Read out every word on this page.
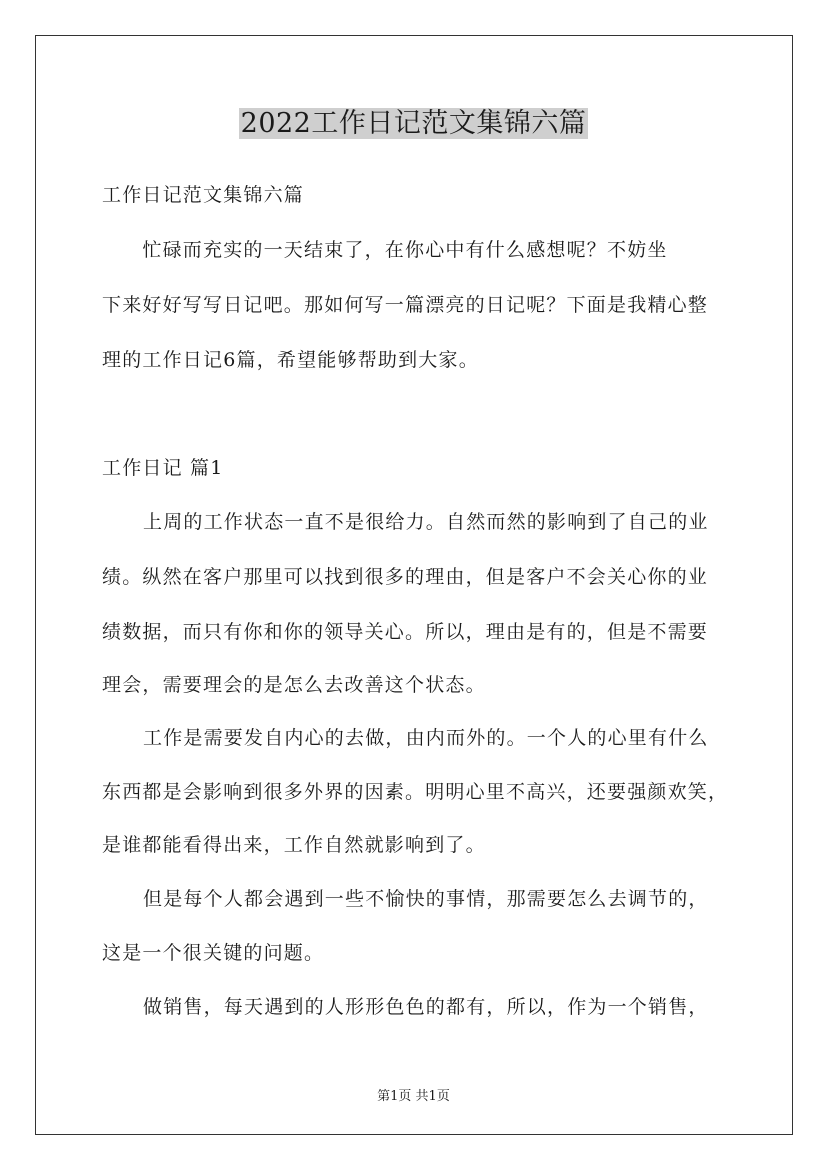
2022工作日记范文集锦六篇

工作日记范文集锦六篇

　　忙碌而充实的一天结束了，在你心中有什么感想呢？不妨坐

下来好好写写日记吧。那如何写一篇漂亮的日记呢？下面是我精心整

理的工作日记6篇，希望能够帮助到大家。

工作日记 篇1

上周的工作状态一直不是很给力。自然而然的影响到了自己的业

绩。纵然在客户那里可以找到很多的理由，但是客户不会关心你的业

绩数据，而只有你和你的领导关心。所以，理由是有的，但是不需要

理会，需要理会的是怎么去改善这个状态。

工作是需要发自内心的去做，由内而外的。一个人的心里有什么

东西都是会影响到很多外界的因素。明明心里不高兴，还要强颜欢笑，

是谁都能看得出来，工作自然就影响到了。

但是每个人都会遇到一些不愉快的事情，那需要怎么去调节的，

这是一个很关键的问题。

做销售，每天遇到的人形形色色的都有，所以，作为一个销售，

第1页 共1页
